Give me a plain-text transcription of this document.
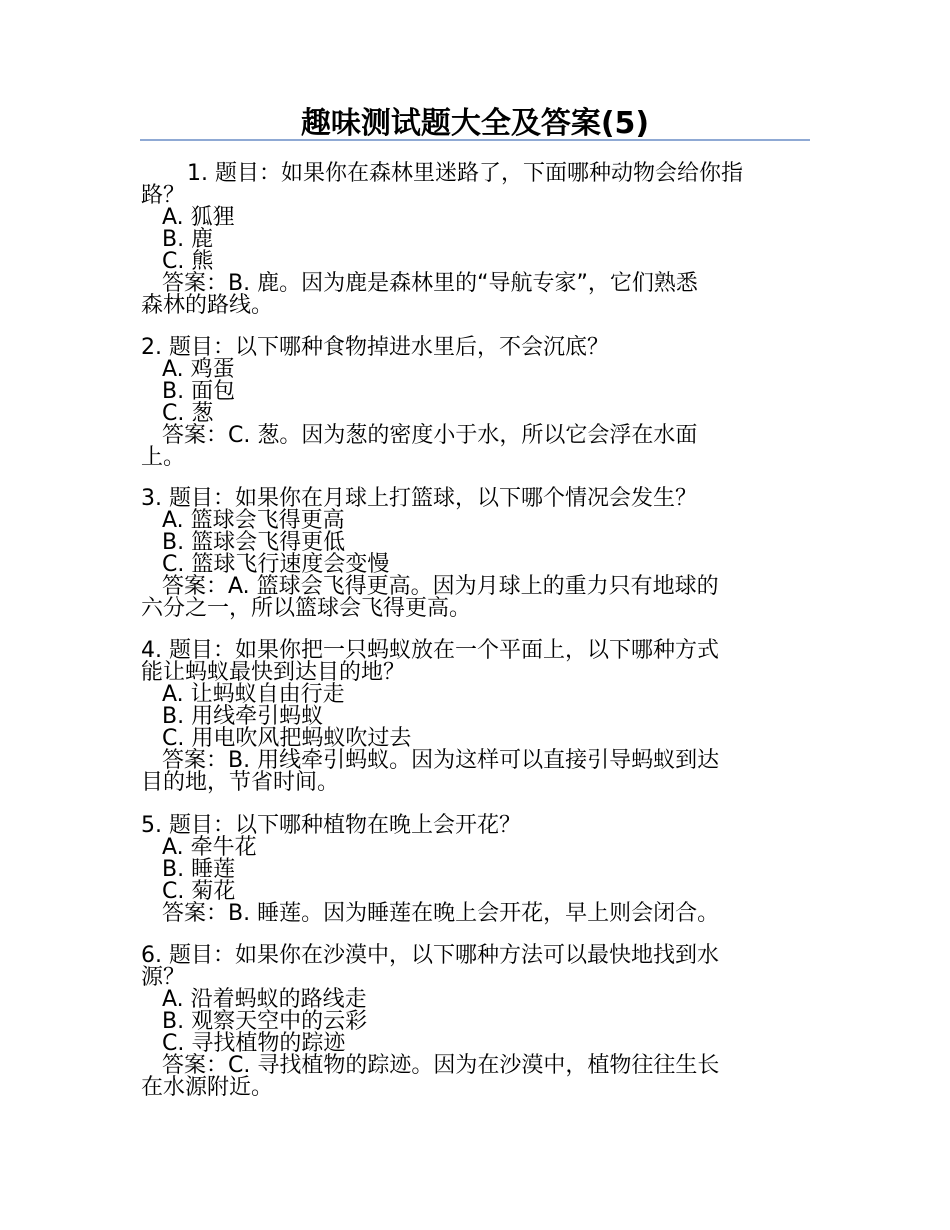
趣味测试题大全及答案(5)
1. 题目：如果你在森林里迷路了，下面哪种动物会给你指
路？
A. 狐狸
B. 鹿
C. 熊
答案：B. 鹿。因为鹿是森林里的“导航专家”，它们熟悉
森林的路线。
2. 题目：以下哪种食物掉进水里后，不会沉底？
A. 鸡蛋
B. 面包
C. 葱
答案：C. 葱。因为葱的密度小于水，所以它会浮在水面
上。
3. 题目：如果你在月球上打篮球，以下哪个情况会发生？
A. 篮球会飞得更高
B. 篮球会飞得更低
C. 篮球飞行速度会变慢
答案：A. 篮球会飞得更高。因为月球上的重力只有地球的
六分之一，所以篮球会飞得更高。
4. 题目：如果你把一只蚂蚁放在一个平面上，以下哪种方式
能让蚂蚁最快到达目的地？
A. 让蚂蚁自由行走
B. 用线牵引蚂蚁
C. 用电吹风把蚂蚁吹过去
答案：B. 用线牵引蚂蚁。因为这样可以直接引导蚂蚁到达
目的地，节省时间。
5. 题目：以下哪种植物在晚上会开花？
A. 牵牛花
B. 睡莲
C. 菊花
答案：B. 睡莲。因为睡莲在晚上会开花，早上则会闭合。
6. 题目：如果你在沙漠中，以下哪种方法可以最快地找到水
源？
A. 沿着蚂蚁的路线走
B. 观察天空中的云彩
C. 寻找植物的踪迹
答案：C. 寻找植物的踪迹。因为在沙漠中，植物往往生长
在水源附近。
